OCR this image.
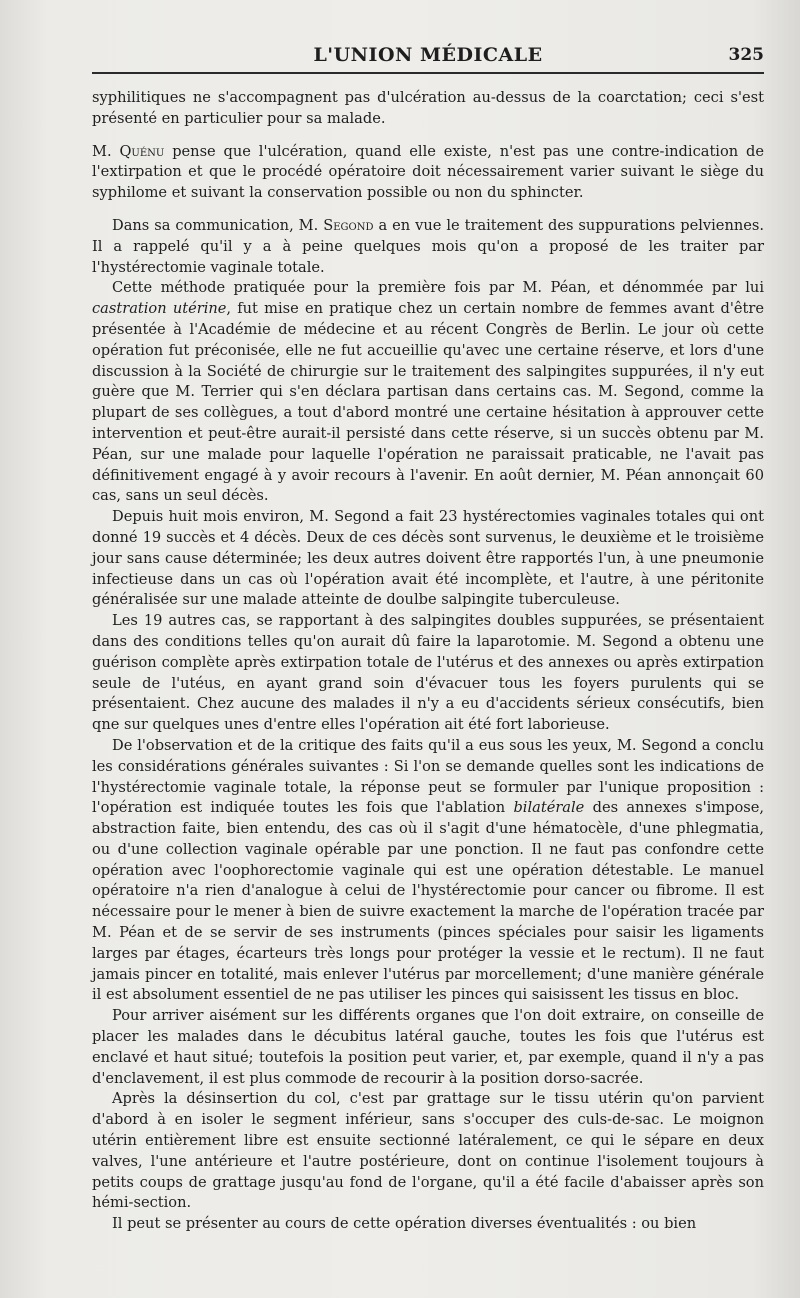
L'UNION MÉDICALE	325

syphilitiques ne s'accompagnent pas d'ulcération au-dessus de la coarctation; ceci s'est présenté en particulier pour sa malade.

M. Quénu pense que l'ulcération, quand elle existe, n'est pas une contre-indication de l'extirpation et que le procédé opératoire doit nécessairement varier suivant le siège du syphilome et suivant la conservation possible ou non du sphincter.

Dans sa communication, M. Segond a en vue le traitement des suppurations pelviennes. Il a rappelé qu'il y a à peine quelques mois qu'on a proposé de les traiter par l'hystérectomie vaginale totale.

Cette méthode pratiquée pour la première fois par M. Péan, et dénommée par lui castration utérine, fut mise en pratique chez un certain nombre de femmes avant d'être présentée à l'Académie de médecine et au récent Congrès de Berlin. Le jour où cette opération fut préconisée, elle ne fut accueillie qu'avec une certaine réserve, et lors d'une discussion à la Société de chirurgie sur le traitement des salpingites suppurées, il n'y eut guère que M. Terrier qui s'en déclara partisan dans certains cas. M. Segond, comme la plupart de ses collègues, a tout d'abord montré une certaine hésitation à approuver cette intervention et peut-être aurait-il persisté dans cette réserve, si un succès obtenu par M. Péan, sur une malade pour laquelle l'opération ne paraissait praticable, ne l'avait pas définitivement engagé à y avoir recours à l'avenir. En août dernier, M. Péan annonçait 60 cas, sans un seul décès.

Depuis huit mois environ, M. Segond a fait 23 hystérectomies vaginales totales qui ont donné 19 succès et 4 décès. Deux de ces décès sont survenus, le deuxième et le troisième jour sans cause déterminée; les deux autres doivent être rapportés l'un, à une pneumonie infectieuse dans un cas où l'opération avait été incomplète, et l'autre, à une péritonite généralisée sur une malade atteinte de doulbe salpingite tuberculeuse.

Les 19 autres cas, se rapportant à des salpingites doubles suppurées, se présentaient dans des conditions telles qu'on aurait dû faire la laparotomie. M. Segond a obtenu une guérison complète après extirpation totale de l'utérus et des annexes ou après extirpation seule de l'utéus, en ayant grand soin d'évacuer tous les foyers purulents qui se présentaient. Chez aucune des malades il n'y a eu d'accidents sérieux consécutifs, bien qne sur quelques unes d'entre elles l'opération ait été fort laborieuse.

De l'observation et de la critique des faits qu'il a eus sous les yeux, M. Segond a conclu les considérations générales suivantes : Si l'on se demande quelles sont les indications de l'hystérectomie vaginale totale, la réponse peut se formuler par l'unique proposition : l'opération est indiquée toutes les fois que l'ablation bilatérale des annexes s'impose, abstraction faite, bien entendu, des cas où il s'agit d'une hématocèle, d'une phlegmatia, ou d'une collection vaginale opérable par une ponction. Il ne faut pas confondre cette opération avec l'oophorectomie vaginale qui est une opération détestable. Le manuel opératoire n'a rien d'analogue à celui de l'hystérectomie pour cancer ou fibrome. Il est nécessaire pour le mener à bien de suivre exactement la marche de l'opération tracée par M. Péan et de se servir de ses instruments (pinces spéciales pour saisir les ligaments larges par étages, écarteurs très longs pour protéger la vessie et le rectum). Il ne faut jamais pincer en totalité, mais enlever l'utérus par morcellement; d'une manière générale il est absolument essentiel de ne pas utiliser les pinces qui saisissent les tissus en bloc.

Pour arriver aisément sur les différents organes que l'on doit extraire, on conseille de placer les malades dans le décubitus latéral gauche, toutes les fois que l'utérus est enclavé et haut situé; toutefois la position peut varier, et, par exemple, quand il n'y a pas d'enclavement, il est plus commode de recourir à la position dorso-sacrée.

Après la désinsertion du col, c'est par grattage sur le tissu utérin qu'on parvient d'abord à en isoler le segment inférieur, sans s'occuper des culs-de-sac. Le moignon utérin entièrement libre est ensuite sectionné latéralement, ce qui le sépare en deux valves, l'une antérieure et l'autre postérieure, dont on continue l'isolement toujours à petits coups de grattage jusqu'au fond de l'organe, qu'il a été facile d'abaisser après son hémi-section.

Il peut se présenter au cours de cette opération diverses éventualités : ou bien
